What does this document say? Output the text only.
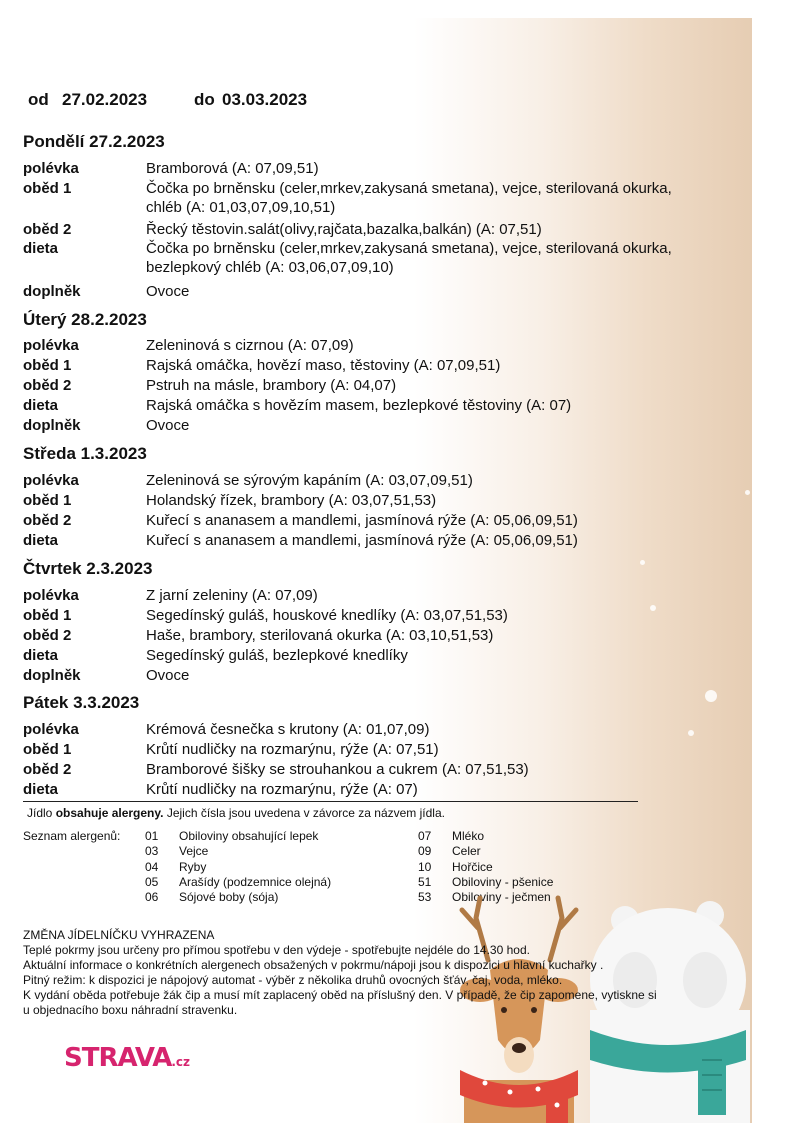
od 27.02.2023	do 03.03.2023
Pondělí 27.2.2023
polévka	Bramborová (A: 07,09,51)
oběd 1	Čočka po brněnsku (celer,mrkev,zakysaná smetana), vejce, sterilovaná okurka,
chléb (A: 01,03,07,09,10,51)
oběd 2	Řecký těstovin.salát(olivy,rajčata,bazalka,balkán) (A: 07,51)
dieta	Čočka po brněnsku (celer,mrkev,zakysaná smetana), vejce, sterilovaná okurka,
bezlepkový chléb (A: 03,06,07,09,10)
doplněk	Ovoce
Úterý 28.2.2023
polévka	Zeleninová s cizrnou (A: 07,09)
oběd 1	Rajská omáčka, hovězí maso, těstoviny (A: 07,09,51)
oběd 2	Pstruh na másle, brambory (A: 04,07)
dieta	Rajská omáčka s hovězím masem, bezlepkové těstoviny (A: 07)
doplněk	Ovoce
Středa 1.3.2023
polévka	Zeleninová se sýrovým kapáním (A: 03,07,09,51)
oběd 1	Holandský řízek, brambory (A: 03,07,51,53)
oběd 2	Kuřecí s ananasem a mandlemi, jasmínová rýže (A: 05,06,09,51)
dieta	Kuřecí s ananasem a mandlemi, jasmínová rýže (A: 05,06,09,51)
Čtvrtek 2.3.2023
polévka	Z jarní zeleniny (A: 07,09)
oběd 1	Segedínský guláš, houskové knedlíky (A: 03,07,51,53)
oběd 2	Haše, brambory, sterilovaná okurka (A: 03,10,51,53)
dieta	Segedínský guláš, bezlepkové knedlíky
doplněk	Ovoce
Pátek 3.3.2023
polévka	Krémová česnečka s krutony (A: 01,07,09)
oběd 1	Krůtí nudličky na rozmarýnu, rýže (A: 07,51)
oběd 2	Bramborové šišky se strouhankou a cukrem (A: 07,51,53)
dieta	Krůtí nudličky na rozmarýnu, rýže (A: 07)
Jídlo obsahuje alergeny. Jejich čísla jsou uvedena v závorce za názvem jídla.
Seznam alergenů: 01 Obiloviny obsahující lepek
03 Vejce
04 Ryby
05 Arašídy (podzemnice olejná)
06 Sójové boby (sója)
07 Mléko
09 Celer
10 Hořčice
51 Obiloviny - pšenice
53 Obiloviny - ječmen
ZMĚNA JÍDELNÍČKU VYHRAZENA
Teplé pokrmy jsou určeny pro přímou spotřebu v den výdeje - spotřebujte nejdéle do 14.30 hod.
Aktuální informace o konkrétních alergenech obsažených v pokrmu/nápoji jsou k dispozici u hlavní kuchařky .
Pitný režim: k dispozici je nápojový automat - výběr z několika druhů ovocných šťáv, čaj, voda, mléko.
K vydání oběda potřebuje žák čip a musí mít zaplacený oběd na příslušný den. V případě, že čip zapomene, vytiskne si u objednacího boxu náhradní stravenku.
STRAVA.cz
